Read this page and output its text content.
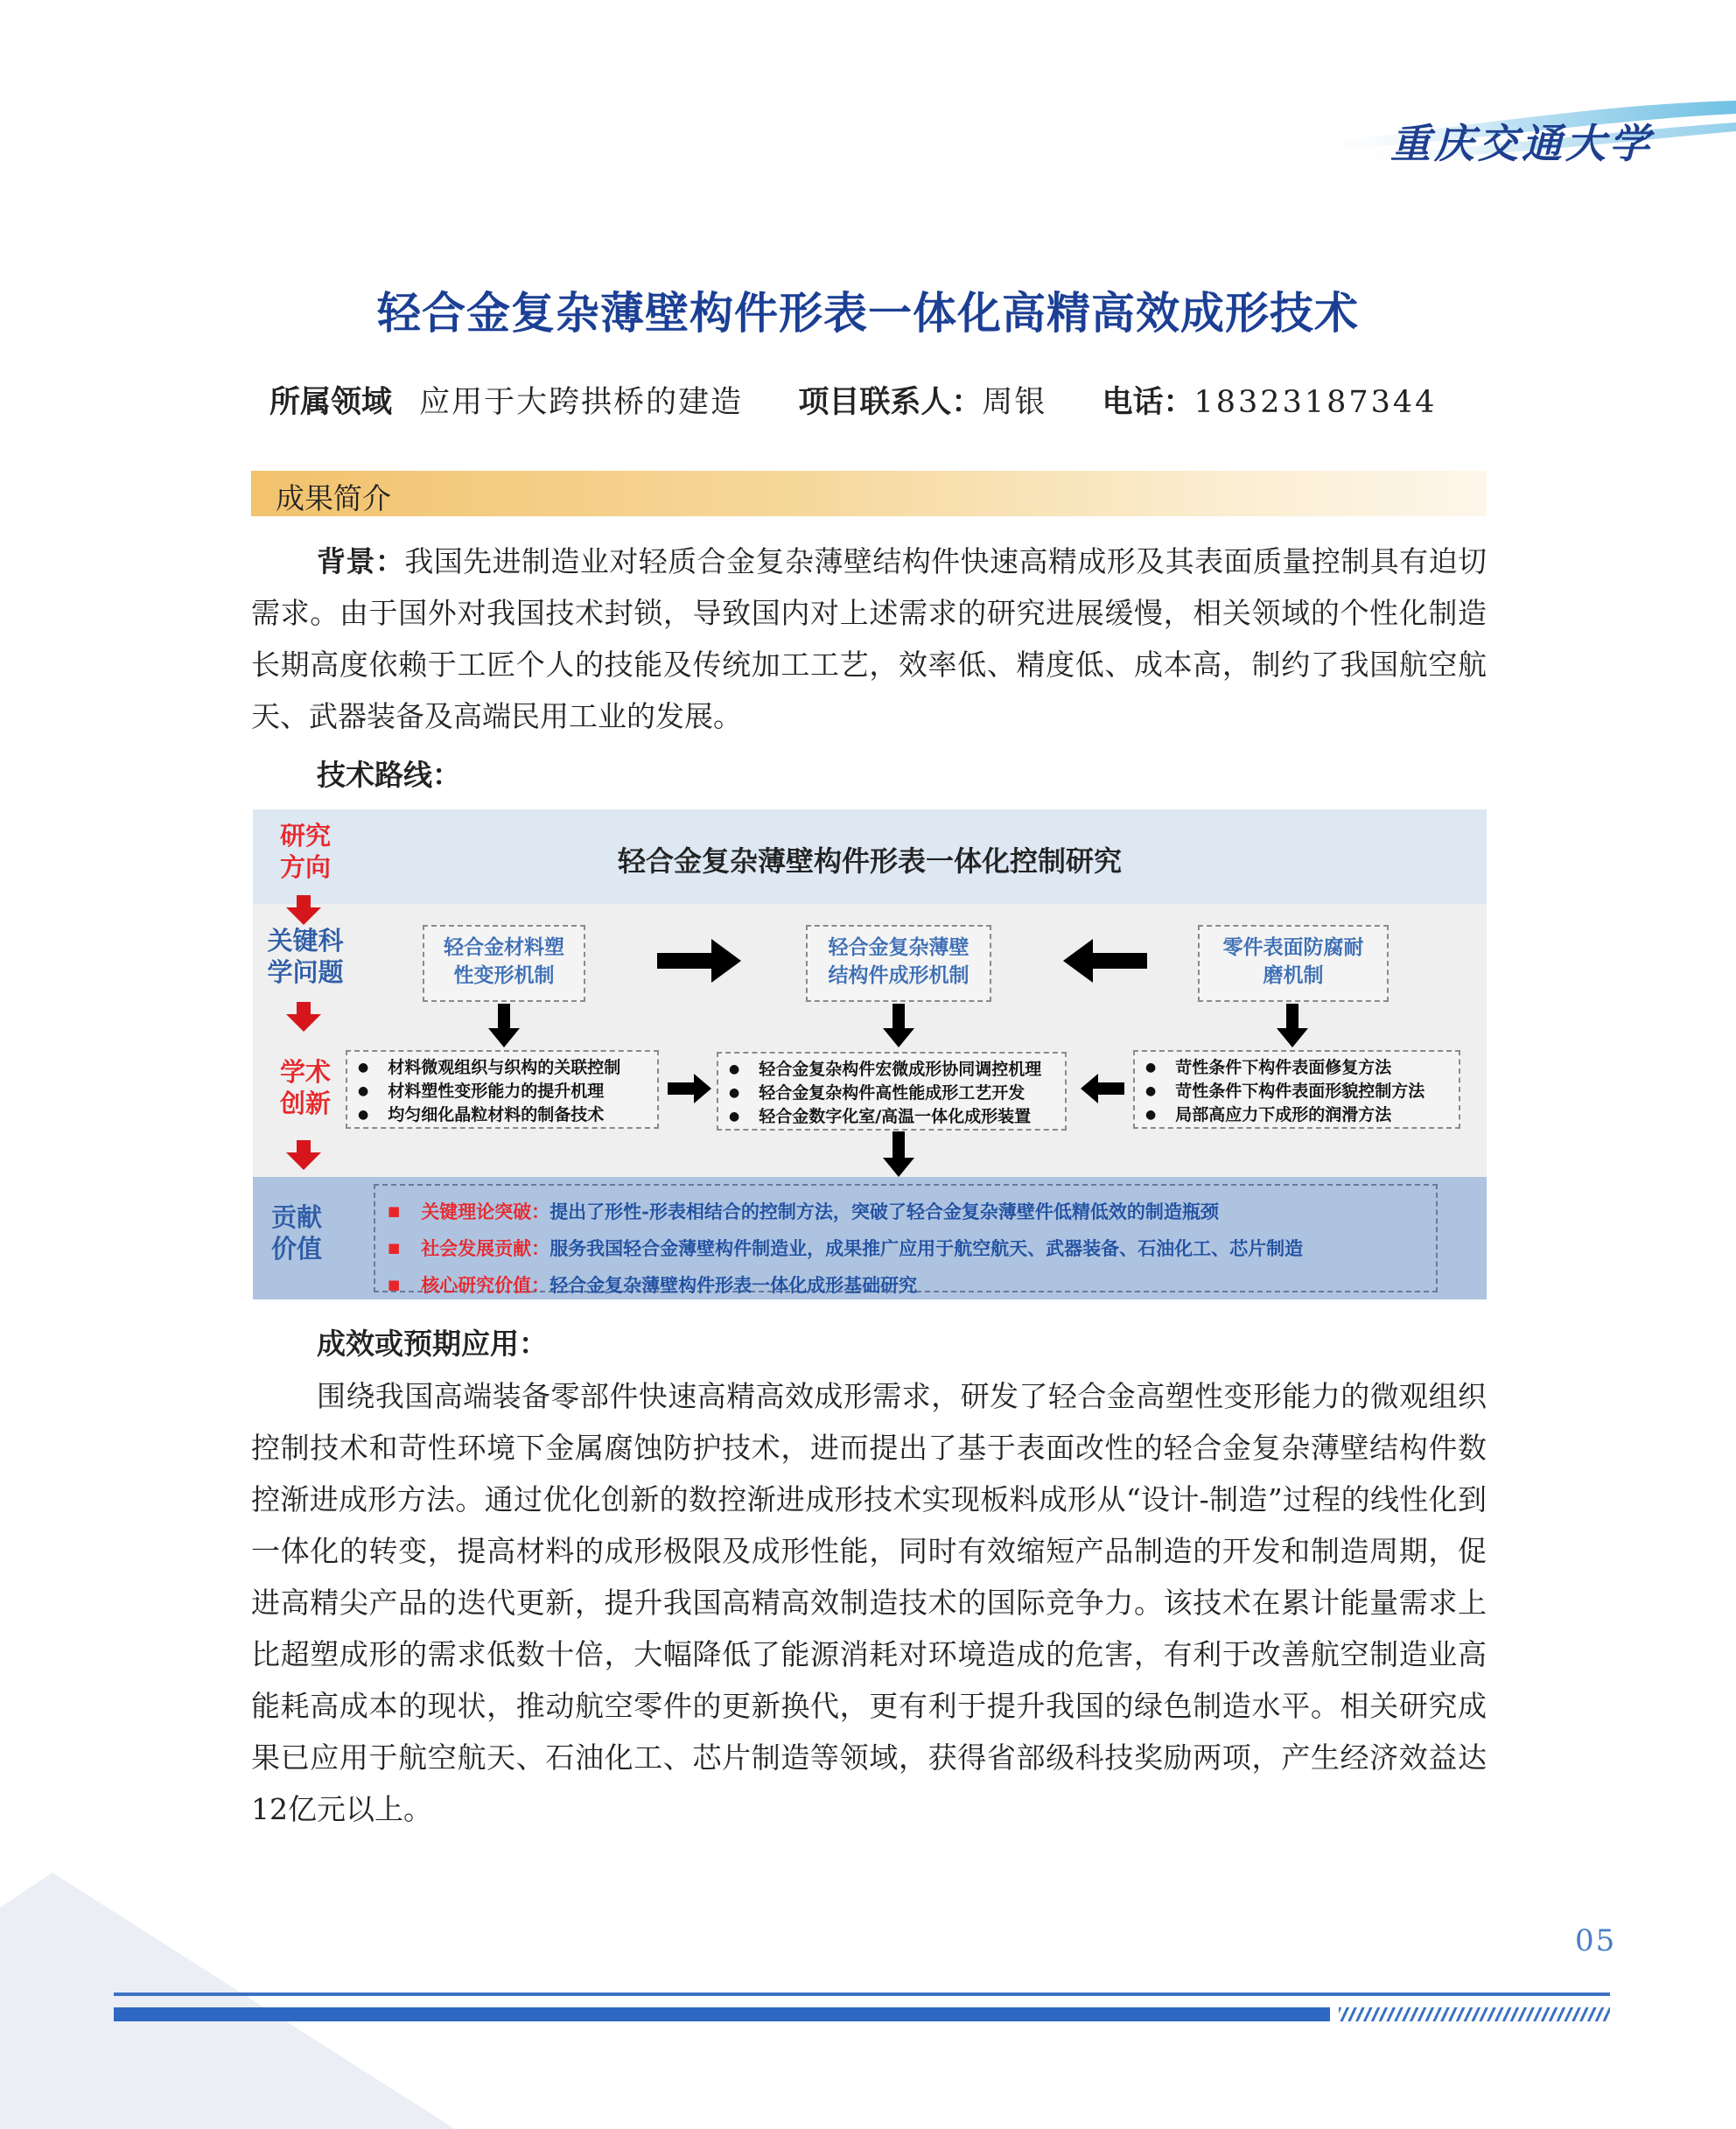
重庆交通大学
轻合金复杂薄壁构件形表一体化高精高效成形技术
所属领域 应用于大跨拱桥的建造 项目联系人：周银 电话：18323187344
成果简介
背景：我国先进制造业对轻质合金复杂薄壁结构件快速高精成形及其表面质量控制具有迫切需求。由于国外对我国技术封锁，导致国内对上述需求的研究进展缓慢，相关领域的个性化制造长期高度依赖于工匠个人的技能及传统加工工艺，效率低、精度低、成本高，制约了我国航空航天、武器装备及高端民用工业的发展。
技术路线：
轻合金复杂薄壁构件形表一体化控制研究
研究
方向
关键科
学问题
学术
创新
贡献
价值
轻合金材料塑
性变形机制
轻合金复杂薄壁
结构件成形机制
零件表面防腐耐
磨机制
● 材料微观组织与织构的关联控制
● 材料塑性变形能力的提升机理
● 均匀细化晶粒材料的制备技术
● 轻合金复杂构件宏微成形协同调控机理
● 轻合金复杂构件高性能成形工艺开发
● 轻合金数字化室/高温一体化成形装置
● 苛性条件下构件表面修复方法
● 苛性条件下构件表面形貌控制方法
● 局部高应力下成形的润滑方法
■ 关键理论突破：提出了形性-形表相结合的控制方法，突破了轻合金复杂薄壁件低精低效的制造瓶颈
■ 社会发展贡献：服务我国轻合金薄壁构件制造业，成果推广应用于航空航天、武器装备、石油化工、芯片制造
■ 核心研究价值：轻合金复杂薄壁构件形表一体化成形基础研究
成效或预期应用：
围绕我国高端装备零部件快速高精高效成形需求，研发了轻合金高塑性变形能力的微观组织控制技术和苛性环境下金属腐蚀防护技术，进而提出了基于表面改性的轻合金复杂薄壁结构件数控渐进成形方法。通过优化创新的数控渐进成形技术实现板料成形从“设计-制造”过程的线性化到一体化的转变，提高材料的成形极限及成形性能，同时有效缩短产品制造的开发和制造周期，促进高精尖产品的迭代更新，提升我国高精高效制造技术的国际竞争力。该技术在累计能量需求上比超塑成形的需求低数十倍，大幅降低了能源消耗对环境造成的危害，有利于改善航空制造业高能耗高成本的现状，推动航空零件的更新换代，更有利于提升我国的绿色制造水平。相关研究成果已应用于航空航天、石油化工、芯片制造等领域，获得省部级科技奖励两项，产生经济效益达12亿元以上。
05
